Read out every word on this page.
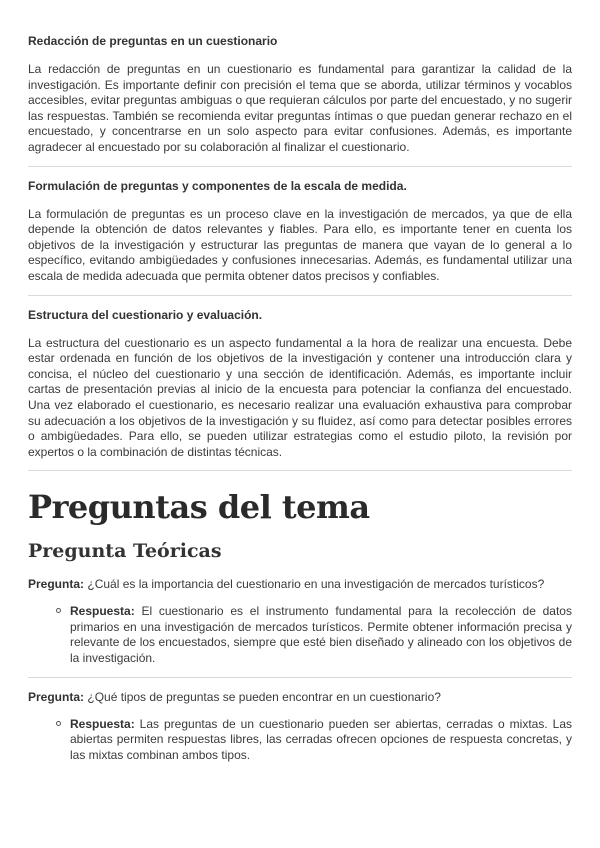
Redacción de preguntas en un cuestionario

La redacción de preguntas en un cuestionario es fundamental para garantizar la calidad de la investigación. Es importante definir con precisión el tema que se aborda, utilizar términos y vocablos accesibles, evitar preguntas ambiguas o que requieran cálculos por parte del encuestado, y no sugerir las respuestas. También se recomienda evitar preguntas íntimas o que puedan generar rechazo en el encuestado, y concentrarse en un solo aspecto para evitar confusiones. Además, es importante agradecer al encuestado por su colaboración al finalizar el cuestionario.

Formulación de preguntas y componentes de la escala de medida.

La formulación de preguntas es un proceso clave en la investigación de mercados, ya que de ella depende la obtención de datos relevantes y fiables. Para ello, es importante tener en cuenta los objetivos de la investigación y estructurar las preguntas de manera que vayan de lo general a lo específico, evitando ambigüedades y confusiones innecesarias. Además, es fundamental utilizar una escala de medida adecuada que permita obtener datos precisos y confiables.

Estructura del cuestionario y evaluación.

La estructura del cuestionario es un aspecto fundamental a la hora de realizar una encuesta. Debe estar ordenada en función de los objetivos de la investigación y contener una introducción clara y concisa, el núcleo del cuestionario y una sección de identificación. Además, es importante incluir cartas de presentación previas al inicio de la encuesta para potenciar la confianza del encuestado. Una vez elaborado el cuestionario, es necesario realizar una evaluación exhaustiva para comprobar su adecuación a los objetivos de la investigación y su fluidez, así como para detectar posibles errores o ambigüedades. Para ello, se pueden utilizar estrategias como el estudio piloto, la revisión por expertos o la combinación de distintas técnicas.

Preguntas del tema
Pregunta Teóricas

Pregunta: ¿Cuál es la importancia del cuestionario en una investigación de mercados turísticos?

Respuesta: El cuestionario es el instrumento fundamental para la recolección de datos primarios en una investigación de mercados turísticos. Permite obtener información precisa y relevante de los encuestados, siempre que esté bien diseñado y alineado con los objetivos de la investigación.

Pregunta: ¿Qué tipos de preguntas se pueden encontrar en un cuestionario?

Respuesta: Las preguntas de un cuestionario pueden ser abiertas, cerradas o mixtas. Las abiertas permiten respuestas libres, las cerradas ofrecen opciones de respuesta concretas, y las mixtas combinan ambos tipos.
